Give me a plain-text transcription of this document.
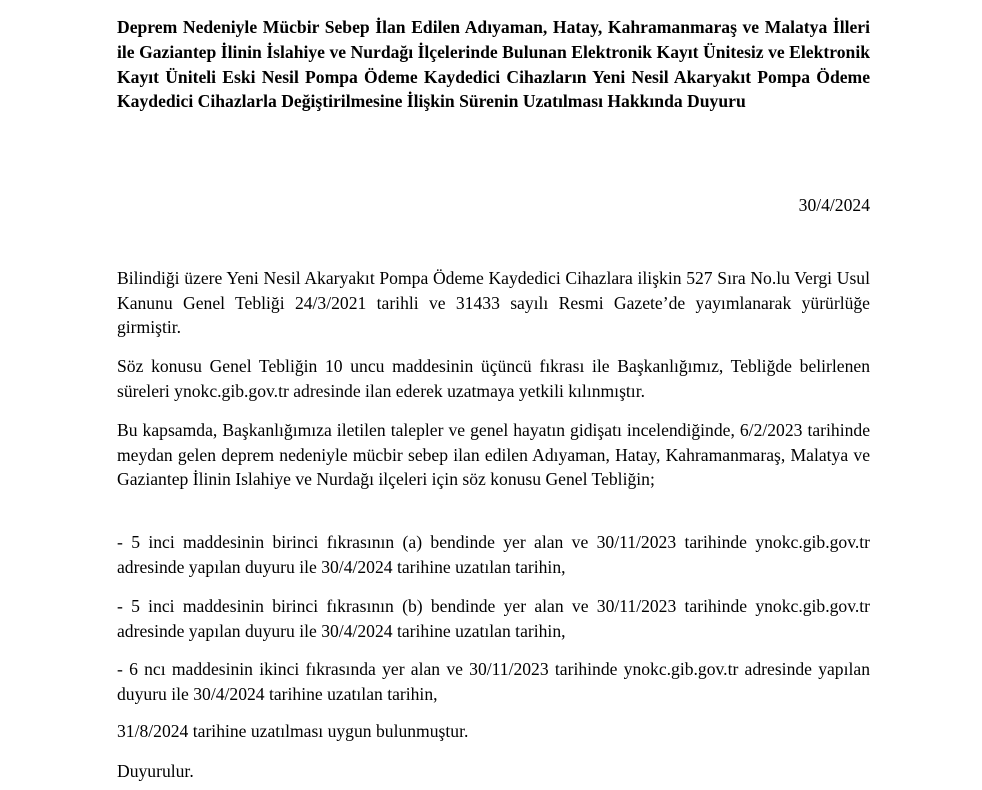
Deprem Nedeniyle Mücbir Sebep İlan Edilen Adıyaman, Hatay, Kahramanmaraş ve Malatya İlleri ile Gaziantep İlinin İslahiye ve Nurdağı İlçelerinde Bulunan Elektronik Kayıt Ünitesiz ve Elektronik Kayıt Üniteli Eski Nesil Pompa Ödeme Kaydedici Cihazların Yeni Nesil Akaryakıt Pompa Ödeme Kaydedici Cihazlarla Değiştirilmesine İlişkin Sürenin Uzatılması Hakkında Duyuru

30/4/2024

Bilindiği üzere Yeni Nesil Akaryakıt Pompa Ödeme Kaydedici Cihazlara ilişkin 527 Sıra No.lu Vergi Usul Kanunu Genel Tebliği 24/3/2021 tarihli ve 31433 sayılı Resmi Gazete’de yayımlanarak yürürlüğe girmiştir.

Söz konusu Genel Tebliğin 10 uncu maddesinin üçüncü fıkrası ile Başkanlığımız, Tebliğde belirlenen süreleri ynokc.gib.gov.tr adresinde ilan ederek uzatmaya yetkili kılınmıştır.

Bu kapsamda, Başkanlığımıza iletilen talepler ve genel hayatın gidişatı incelendiğinde, 6/2/2023 tarihinde meydan gelen deprem nedeniyle mücbir sebep ilan edilen Adıyaman, Hatay, Kahramanmaraş, Malatya ve Gaziantep İlinin Islahiye ve Nurdağı ilçeleri için söz konusu Genel Tebliğin;

- 5 inci maddesinin birinci fıkrasının (a) bendinde yer alan ve 30/11/2023 tarihinde ynokc.gib.gov.tr adresinde yapılan duyuru ile 30/4/2024 tarihine uzatılan tarihin,

- 5 inci maddesinin birinci fıkrasının (b) bendinde yer alan ve 30/11/2023 tarihinde ynokc.gib.gov.tr adresinde yapılan duyuru ile 30/4/2024 tarihine uzatılan tarihin,

- 6 ncı maddesinin ikinci fıkrasında yer alan ve 30/11/2023 tarihinde ynokc.gib.gov.tr adresinde yapılan duyuru ile 30/4/2024 tarihine uzatılan tarihin,

31/8/2024 tarihine uzatılması uygun bulunmuştur.

Duyurulur.
